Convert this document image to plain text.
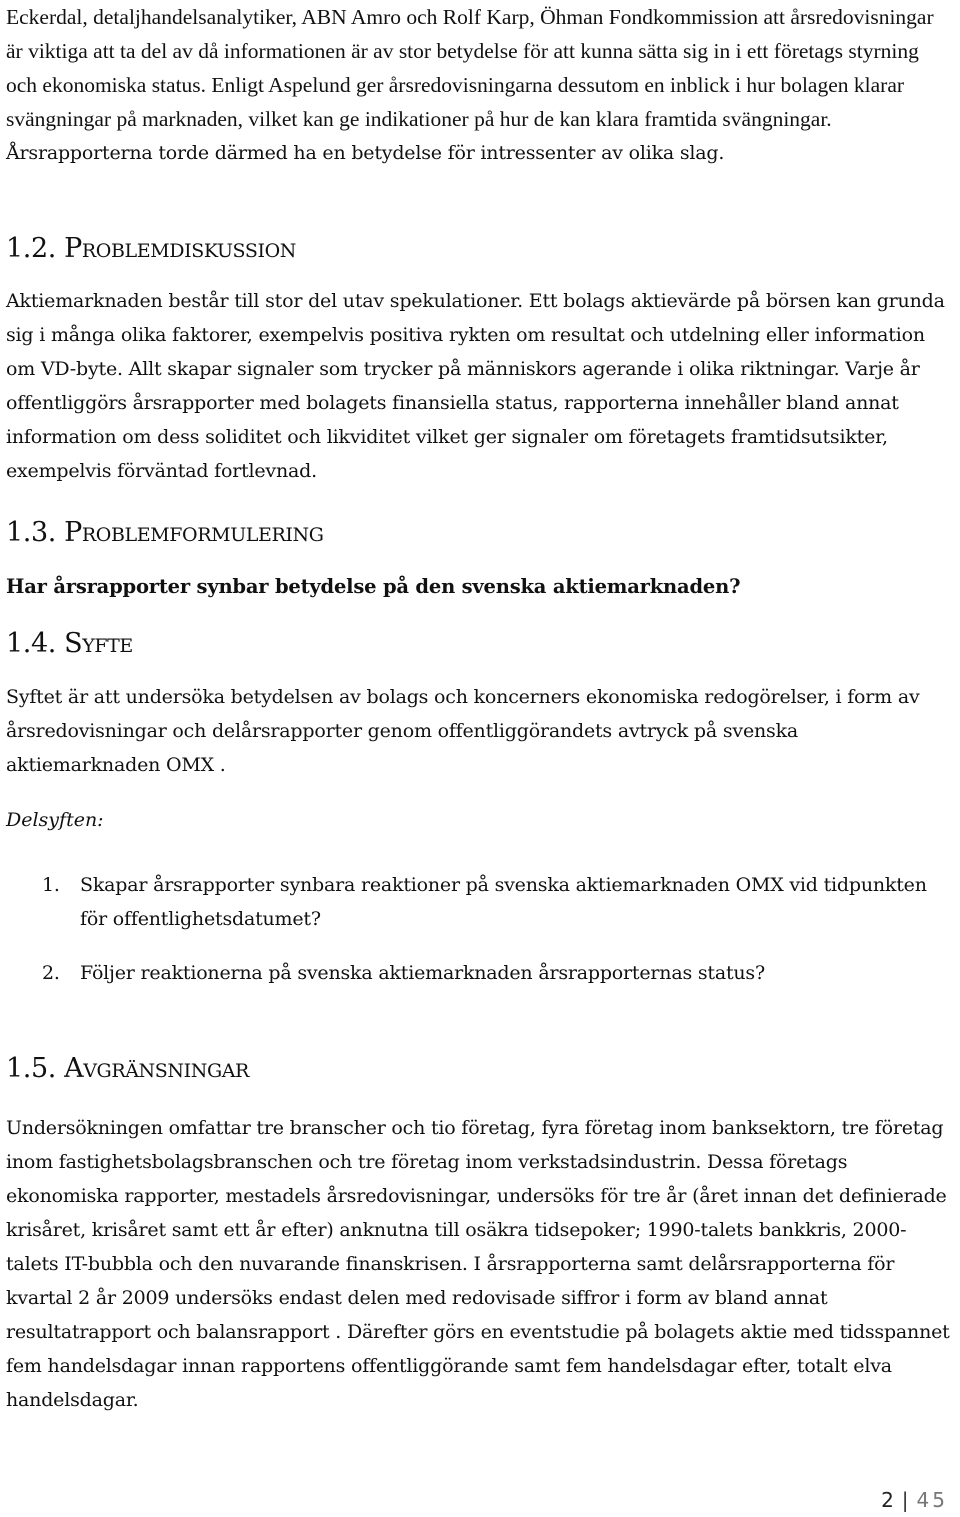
Eckerdal, detaljhandelsanalytiker, ABN Amro och Rolf Karp, Öhman Fondkommission att årsredovisningar är viktiga att ta del av då informationen är av stor betydelse för att kunna sätta sig in i ett företags styrning och ekonomiska status. Enligt Aspelund ger årsredovisningarna dessutom en inblick i hur bolagen klarar svängningar på marknaden, vilket kan ge indikationer på hur de kan klara framtida svängningar.

Årsrapporterna torde därmed ha en betydelse för intressenter av olika slag.

1.2. Problemdiskussion

Aktiemarknaden består till stor del utav spekulationer. Ett bolags aktievärde på börsen kan grunda sig i många olika faktorer, exempelvis positiva rykten om resultat och utdelning eller information om VD-byte. Allt skapar signaler som trycker på människors agerande i olika riktningar. Varje år offentliggörs årsrapporter med bolagets finansiella status, rapporterna innehåller bland annat information om dess soliditet och likviditet vilket ger signaler om företagets framtidsutsikter, exempelvis förväntad fortlevnad.

1.3. Problemformulering

Har årsrapporter synbar betydelse på den svenska aktiemarknaden?

1.4. Syfte

Syftet är att undersöka betydelsen av bolags och koncerners ekonomiska redogörelser, i form av årsredovisningar och delårsrapporter genom offentliggörandets avtryck på svenska aktiemarknaden OMX .

Delsyften:

1. Skapar årsrapporter synbara reaktioner på svenska aktiemarknaden OMX vid tidpunkten för offentlighetsdatumet?
2. Följer reaktionerna på svenska aktiemarknaden årsrapporternas status?
1.5. Avgränsningar

Undersökningen omfattar tre branscher och tio företag, fyra företag inom banksektorn, tre företag inom fastighetsbolagsbranschen och tre företag inom verkstadsindustrin. Dessa företags ekonomiska rapporter, mestadels årsredovisningar, undersöks för tre år (året innan det definierade krisåret, krisåret samt ett år efter) anknutna till osäkra tidsepoker; 1990-talets bankkris, 2000-talets IT-bubbla och den nuvarande finanskrisen. I årsrapporterna samt delårsrapporterna för kvartal 2 år 2009 undersöks endast delen med redovisade siffror i form av bland annat resultatrapport och balansrapport . Därefter görs en eventstudie på bolagets aktie med tidsspannet fem handelsdagar innan rapportens offentliggörande samt fem handelsdagar efter, totalt elva handelsdagar.

2 | 45
